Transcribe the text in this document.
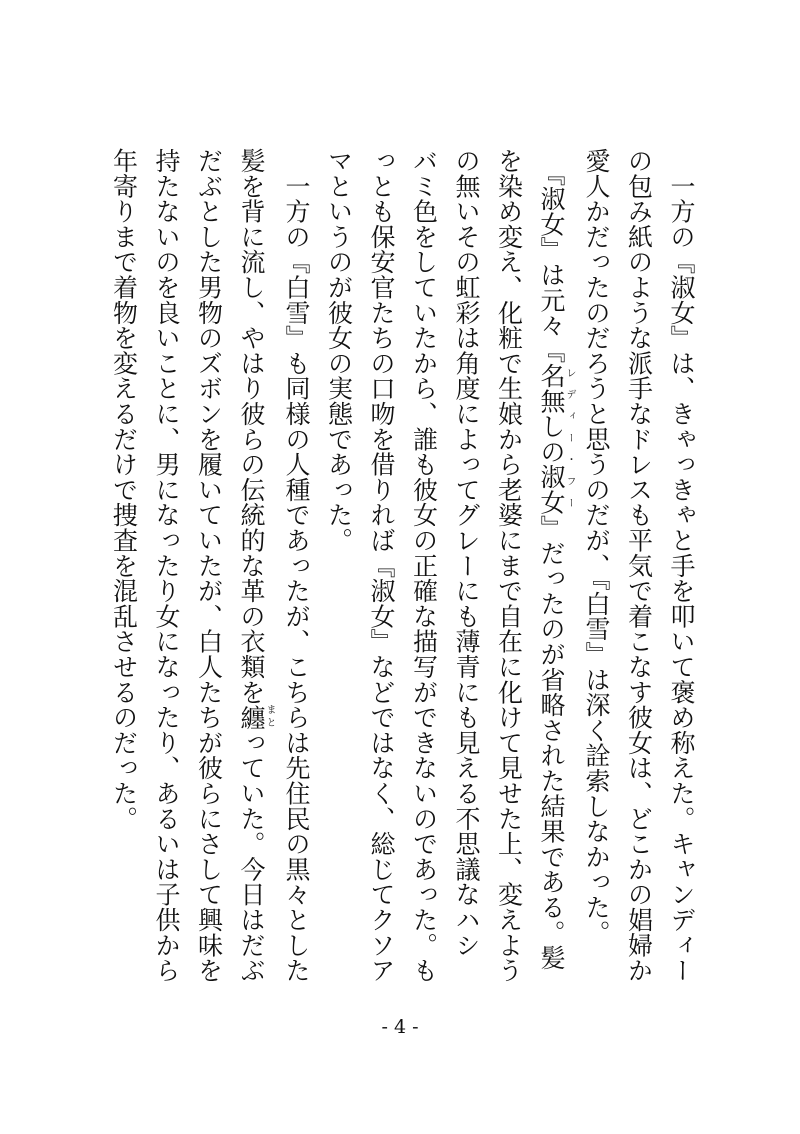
　一方の『淑女』は、きゃっきゃと手を叩いて褒め称えた。キャンディー
の包み紙のような派手なドレスも平気で着こなす彼女は、どこかの娼婦か
愛人かだったのだろうと思うのだが、『白雪』は深く詮索しなかった。
　『淑女』は元々『名無しの淑女レディー・フー』だったのが省略された結果である。髪
を染め変え、化粧で生娘から老婆にまで自在に化けて見せた上、変えよう
の無いその虹彩は角度によってグレーにも薄青にも見える不思議なハシ
バミ色をしていたから、誰も彼女の正確な描写ができないのであった。も
っとも保安官たちの口吻を借りれば『淑女』などではなく、総じてクソア
マというのが彼女の実態であった。
　一方の『白雪』も同様の人種であったが、こちらは先住民の黒々とした
髪を背に流し、やはり彼らの伝統的な革の衣類を纏まとっていた。今日はだぶ
だぶとした男物のズボンを履いていたが、白人たちが彼らにさして興味を
持たないのを良いことに、男になったり女になったり、あるいは子供から
年寄りまで着物を変えるだけで捜査を混乱させるのだった。
- 4 -
